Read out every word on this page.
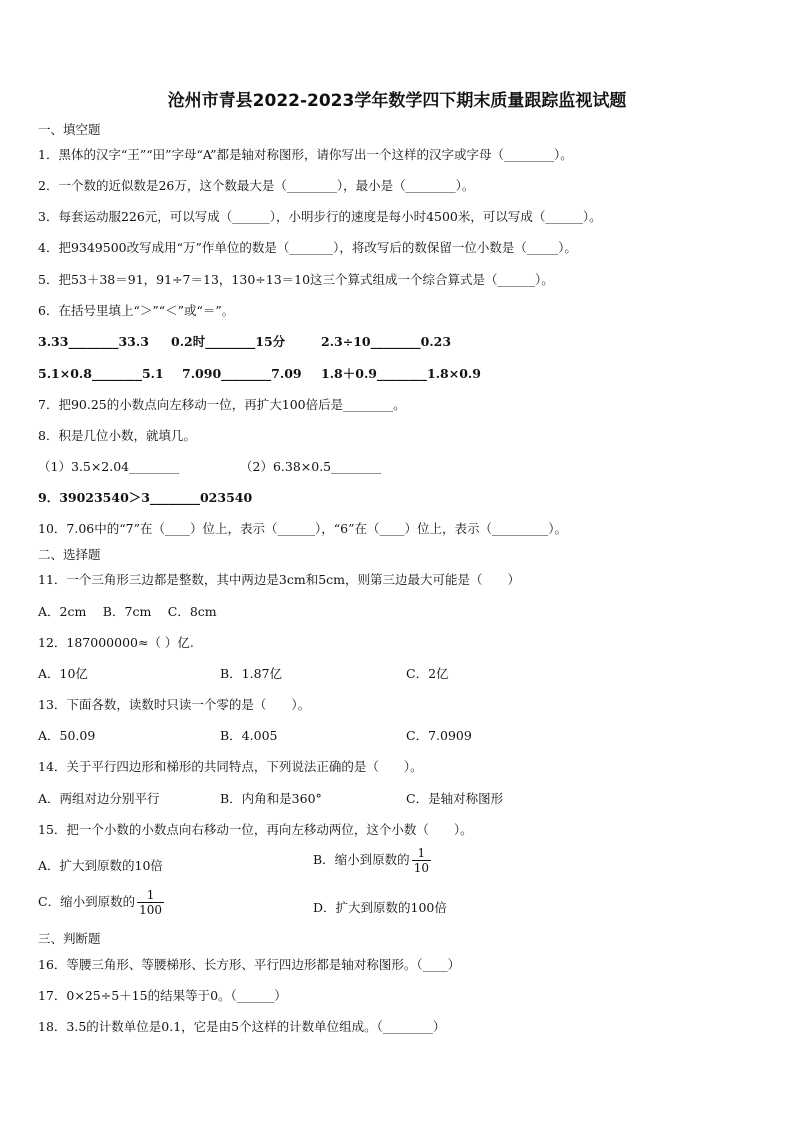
沧州市青县2022-2023学年数学四下期末质量跟踪监视试题
一、填空题
1．黑体的汉字“王”“田”字母“A”都是轴对称图形，请你写出一个这样的汉字或字母（________）。
2．一个数的近似数是26万，这个数最大是（________），最小是（________）。
3．每套运动服226元，可以写成（______），小明步行的速度是每小时4500米，可以写成（______）。
4．把9349500改写成用“万”作单位的数是（_______），将改写后的数保留一位小数是（_____）。
5．把53＋38＝91，91÷7＝13，130÷13＝10这三个算式组成一个综合算式是（______）。
6．在括号里填上“＞”“＜”或“＝”。
3.33________33.3 0.2时________15分	2.3÷10________0.23
5.1×0.8________5.1 7.090________7.09 1.8＋0.9________1.8×0.9
7．把90.25的小数点向左移动一位，再扩大100倍后是________。
8．积是几位小数，就填几。
（1）3.5×2.04________	（2）6.38×0.5________
9．39023540＞3________023540
10．7.06中的“7”在（____）位上，表示（______），“6”在（____）位上，表示（_________）。
二、选择题
11．一个三角形三边都是整数，其中两边是3cm和5cm，则第三边最大可能是（　　）
A．2cm　 B．7cm　 C．8cm
12．187000000≈（ ）亿.
A．10亿	B．1.87亿	C．2亿
13．下面各数，读数时只读一个零的是（　　）。
A．50.09	B．4.005	C．7.0909
14．关于平行四边形和梯形的共同特点，下列说法正确的是（　　）。
A．两组对边分别平行	B．内角和是360°	C．是轴对称图形
15．把一个小数的小数点向右移动一位，再向左移动两位，这个小数（　　）。
A．扩大到原数的10倍	B．缩小到原数的 $\frac{1}{10}$
C．缩小到原数的 $\frac{1}{100}$	D．扩大到原数的100倍
三、判断题
16．等腰三角形、等腰梯形、长方形、平行四边形都是轴对称图形。（____）
17．0×25÷5＋15的结果等于0。（______）
18．3.5的计数单位是0.1，它是由5个这样的计数单位组成。（________）
